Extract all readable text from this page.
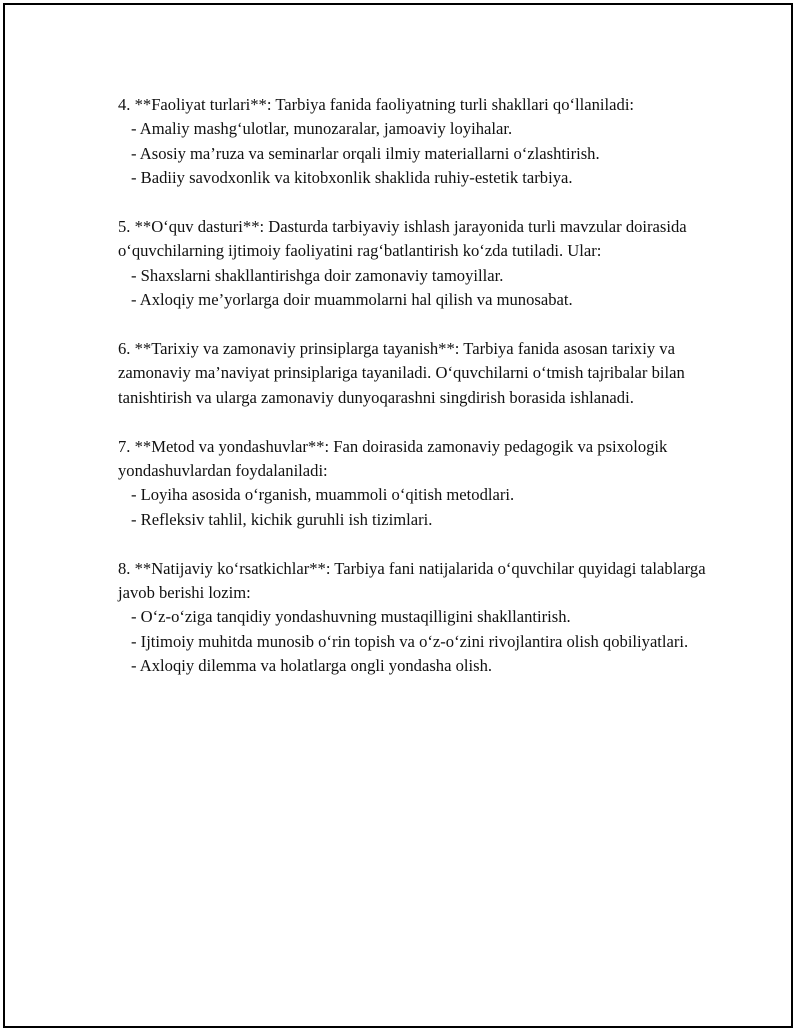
4. **Faoliyat turlari**: Tarbiya fanida faoliyatning turli shakllari qo‘llaniladi:

- Amaliy mashg‘ulotlar, munozaralar, jamoaviy loyihalar.

- Asosiy ma’ruza va seminarlar orqali ilmiy materiallarni o‘zlashtirish.

- Badiiy savodxonlik va kitobxonlik shaklida ruhiy-estetik tarbiya.

5. **O‘quv dasturi**: Dasturda tarbiyaviy ishlash jarayonida turli mavzular doirasida o‘quvchilarning ijtimoiy faoliyatini rag‘batlantirish ko‘zda tutiladi. Ular:

- Shaxslarni shakllantirishga doir zamonaviy tamoyillar.

- Axloqiy me’yorlarga doir muammolarni hal qilish va munosabat.

6. **Tarixiy va zamonaviy prinsiplarga tayanish**: Tarbiya fanida asosan tarixiy va zamonaviy ma’naviyat prinsiplariga tayaniladi. O‘quvchilarni o‘tmish tajribalar bilan tanishtirish va ularga zamonaviy dunyoqarashni singdirish borasida ishlanadi.

7. **Metod va yondashuvlar**: Fan doirasida zamonaviy pedagogik va psixologik yondashuvlardan foydalaniladi:

- Loyiha asosida o‘rganish, muammoli o‘qitish metodlari.

- Refleksiv tahlil, kichik guruhli ish tizimlari.

8. **Natijaviy ko‘rsatkichlar**: Tarbiya fani natijalarida o‘quvchilar quyidagi talablarga javob berishi lozim:

- O‘z-o‘ziga tanqidiy yondashuvning mustaqilligini shakllantirish.

- Ijtimoiy muhitda munosib o‘rin topish va o‘z-o‘zini rivojlantira olish qobiliyatlari.

- Axloqiy dilemma va holatlarga ongli yondasha olish.
